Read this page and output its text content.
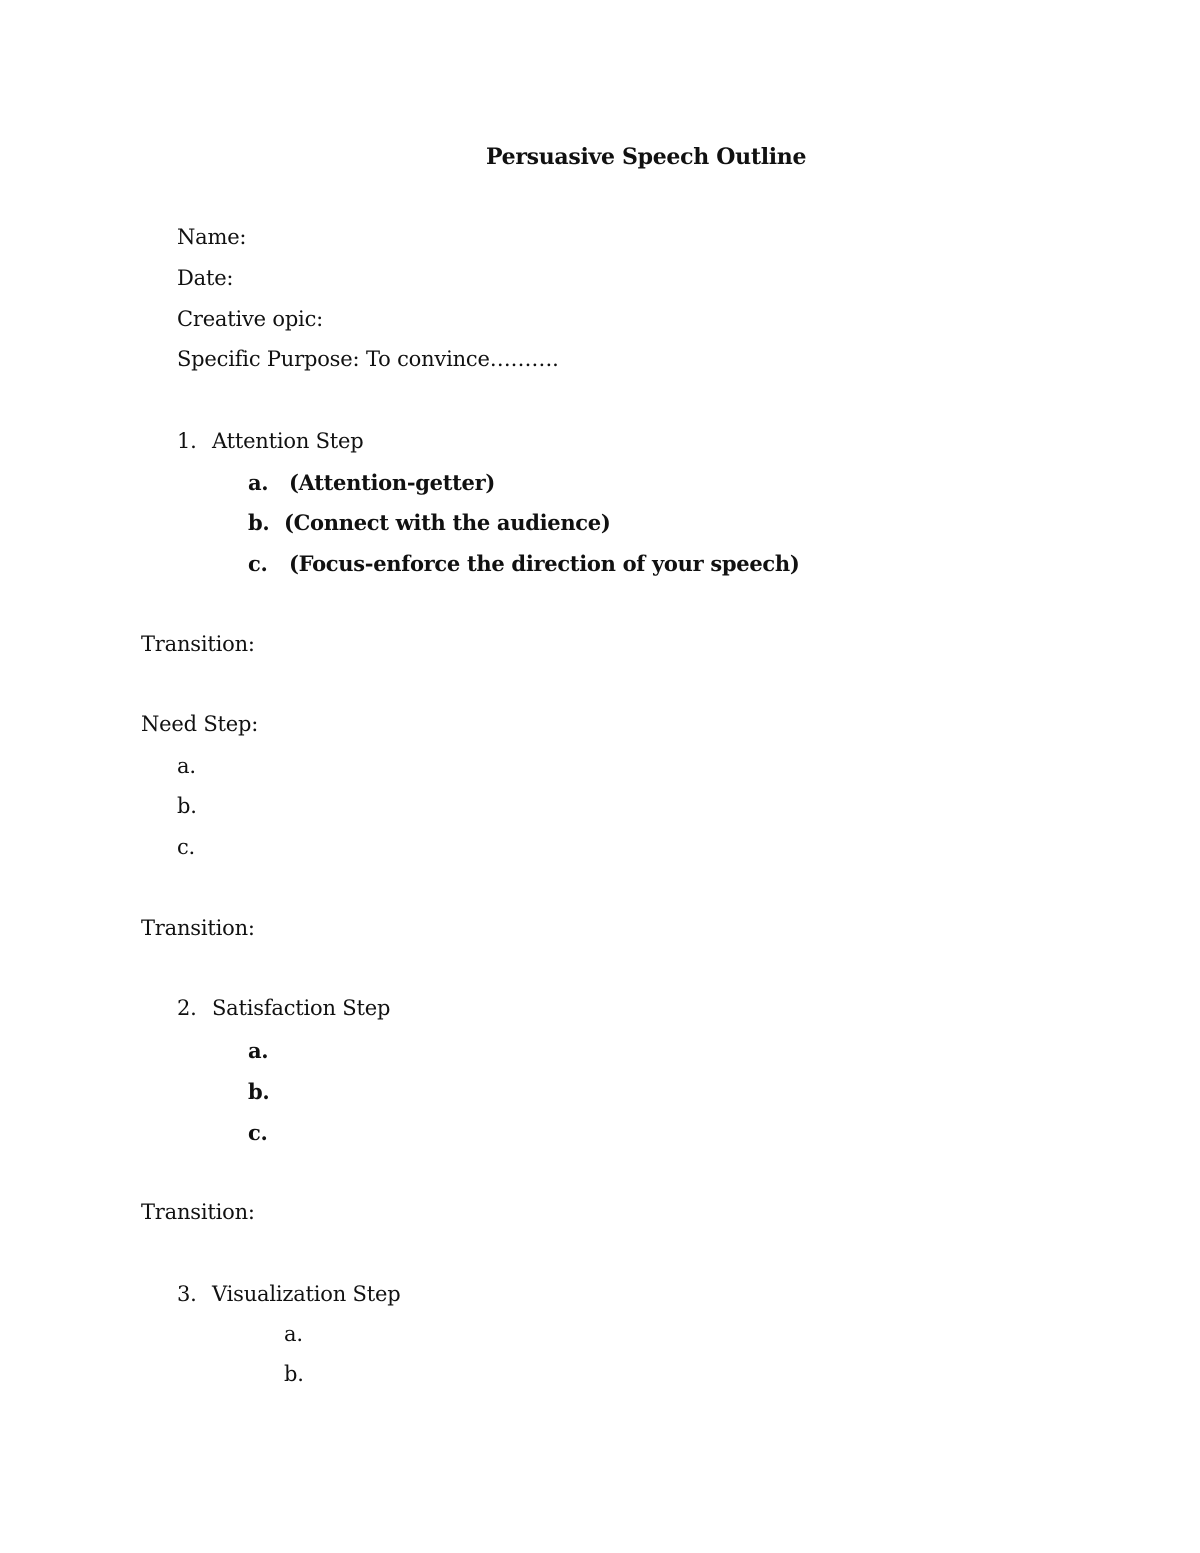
Persuasive Speech Outline
Name:
Date:
Creative opic:
Specific Purpose: To convince……….
1. Attention Step
a. (Attention-getter)
b. (Connect with the audience)
c. (Focus-enforce the direction of your speech)
Transition:
Need Step:
a.
b.
c.
Transition:
2. Satisfaction Step
a.
b.
c.
Transition:
3. Visualization Step
a.
b.
